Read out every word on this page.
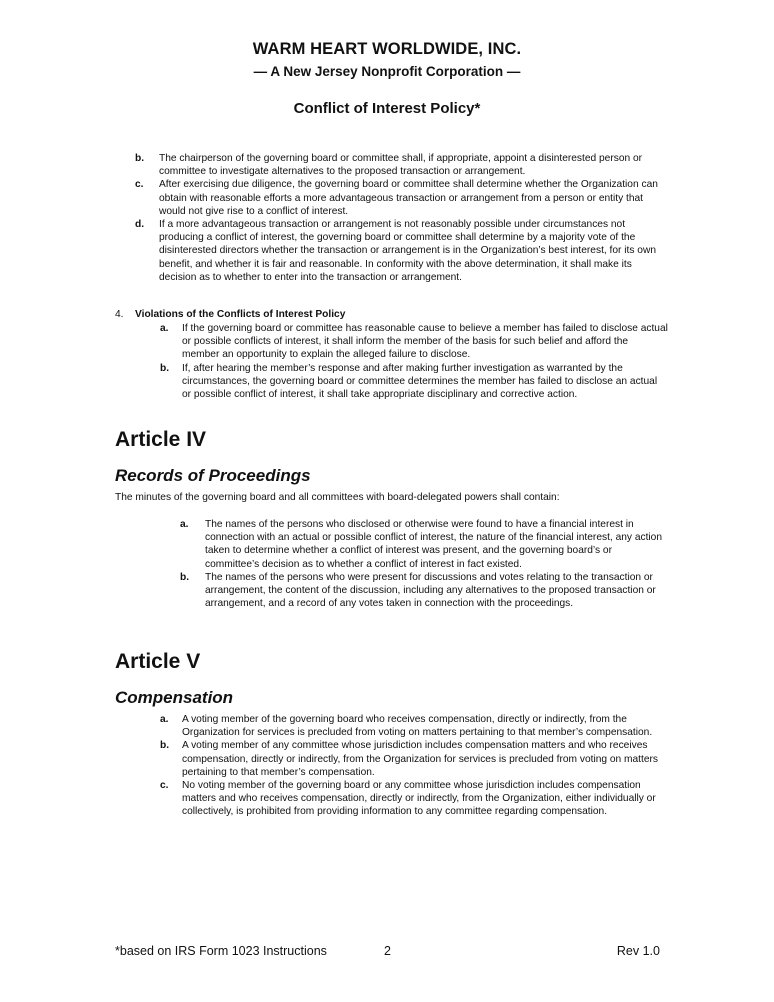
WARM HEART WORLDWIDE, INC.
— A New Jersey Nonprofit Corporation —
Conflict of Interest Policy*
b.	The chairperson of the governing board or committee shall, if appropriate, appoint a disinterested person or committee to investigate alternatives to the proposed transaction or arrangement.
c.	After exercising due diligence, the governing board or committee shall determine whether the Organization can obtain with reasonable efforts a more advantageous transaction or arrangement from a person or entity that would not give rise to a conflict of interest.
d.	If a more advantageous transaction or arrangement is not reasonably possible under circumstances not producing a conflict of interest, the governing board or committee shall determine by a majority vote of the disinterested directors whether the transaction or arrangement is in the Organization’s best interest, for its own benefit, and whether it is fair and reasonable. In conformity with the above determination, it shall make its decision as to whether to enter into the transaction or arrangement.
4.	Violations of the Conflicts of Interest Policy
a.	If the governing board or committee has reasonable cause to believe a member has failed to disclose actual or possible conflicts of interest, it shall inform the member of the basis for such belief and afford the member an opportunity to explain the alleged failure to disclose.
b.	If, after hearing the member’s response and after making further investigation as warranted by the circumstances, the governing board or committee determines the member has failed to disclose an actual or possible conflict of interest, it shall take appropriate disciplinary and corrective action.
Article IV
Records of Proceedings
The minutes of the governing board and all committees with board-delegated powers shall contain:
a.	The names of the persons who disclosed or otherwise were found to have a financial interest in connection with an actual or possible conflict of interest, the nature of the financial interest, any action taken to determine whether a conflict of interest was present, and the governing board’s or committee’s decision as to whether a conflict of interest in fact existed.
b.	The names of the persons who were present for discussions and votes relating to the transaction or arrangement, the content of the discussion, including any alternatives to the proposed transaction or arrangement, and a record of any votes taken in connection with the proceedings.
Article V
Compensation
a.	A voting member of the governing board who receives compensation, directly or indirectly, from the Organization for services is precluded from voting on matters pertaining to that member’s compensation.
b.	A voting member of any committee whose jurisdiction includes compensation matters and who receives compensation, directly or indirectly, from the Organization for services is precluded from voting on matters pertaining to that member’s compensation.
c.	No voting member of the governing board or any committee whose jurisdiction includes compensation matters and who receives compensation, directly or indirectly, from the Organization, either individually or collectively, is prohibited from providing information to any committee regarding compensation.
*based on IRS Form 1023 Instructions	2	Rev 1.0
